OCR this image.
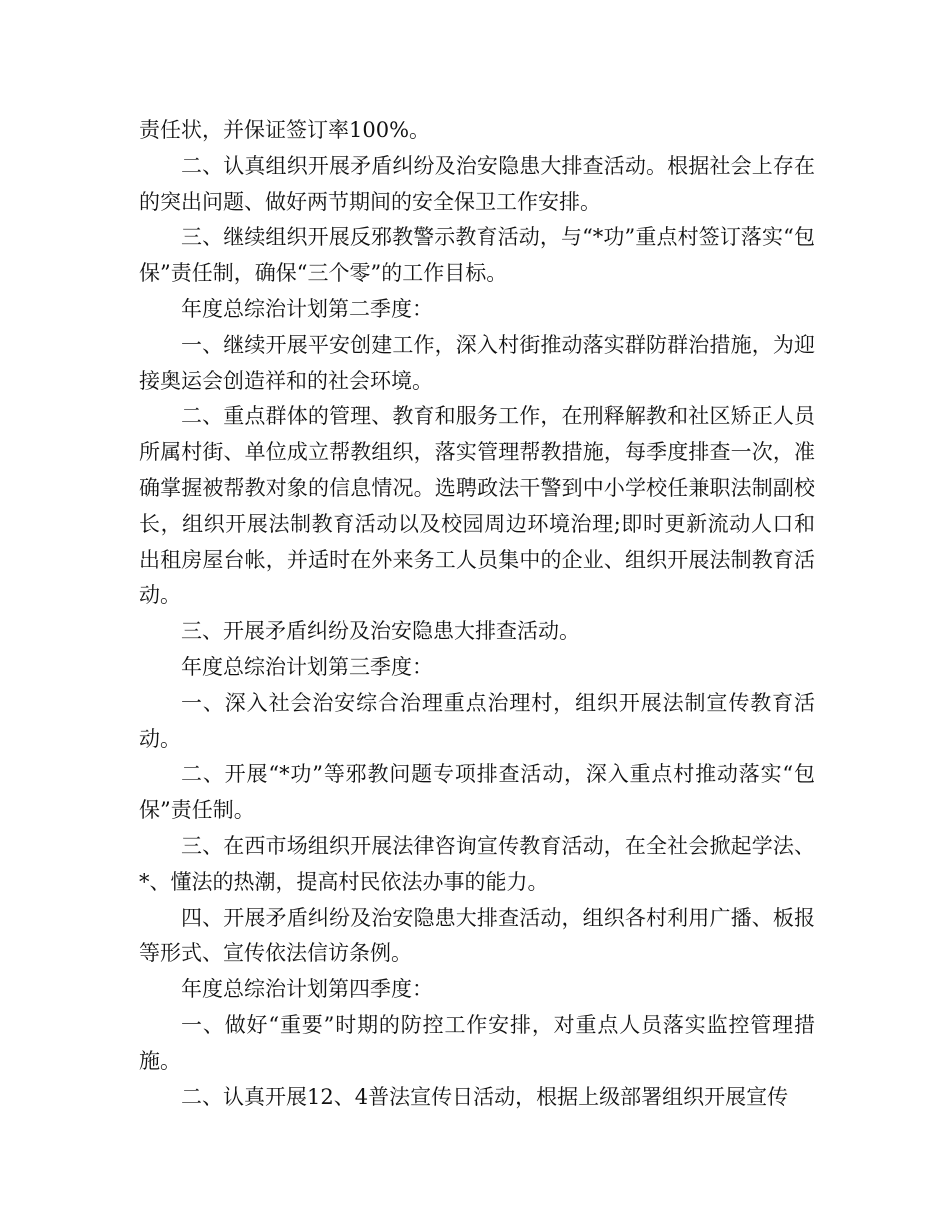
责任状，并保证签订率100%。

二、认真组织开展矛盾纠纷及治安隐患大排查活动。根据社会上存在的突出问题、做好两节期间的安全保卫工作安排。

三、继续组织开展反邪教警示教育活动，与“*功”重点村签订落实“包保”责任制，确保“三个零”的工作目标。

年度总综治计划第二季度：

一、继续开展平安创建工作，深入村街推动落实群防群治措施，为迎接奥运会创造祥和的社会环境。

二、重点群体的管理、教育和服务工作，在刑释解教和社区矫正人员所属村街、单位成立帮教组织，落实管理帮教措施，每季度排查一次，准确掌握被帮教对象的信息情况。选聘政法干警到中小学校任兼职法制副校长，组织开展法制教育活动以及校园周边环境治理;即时更新流动人口和出租房屋台帐，并适时在外来务工人员集中的企业、组织开展法制教育活动。

三、开展矛盾纠纷及治安隐患大排查活动。

年度总综治计划第三季度：

一、深入社会治安综合治理重点治理村，组织开展法制宣传教育活动。

二、开展“*功”等邪教问题专项排查活动，深入重点村推动落实“包保”责任制。

三、在西市场组织开展法律咨询宣传教育活动，在全社会掀起学法、*、懂法的热潮，提高村民依法办事的能力。

四、开展矛盾纠纷及治安隐患大排查活动，组织各村利用广播、板报等形式、宣传依法信访条例。

年度总综治计划第四季度：

一、做好“重要”时期的防控工作安排，对重点人员落实监控管理措施。

二、认真开展12、4普法宣传日活动，根据上级部署组织开展宣传
